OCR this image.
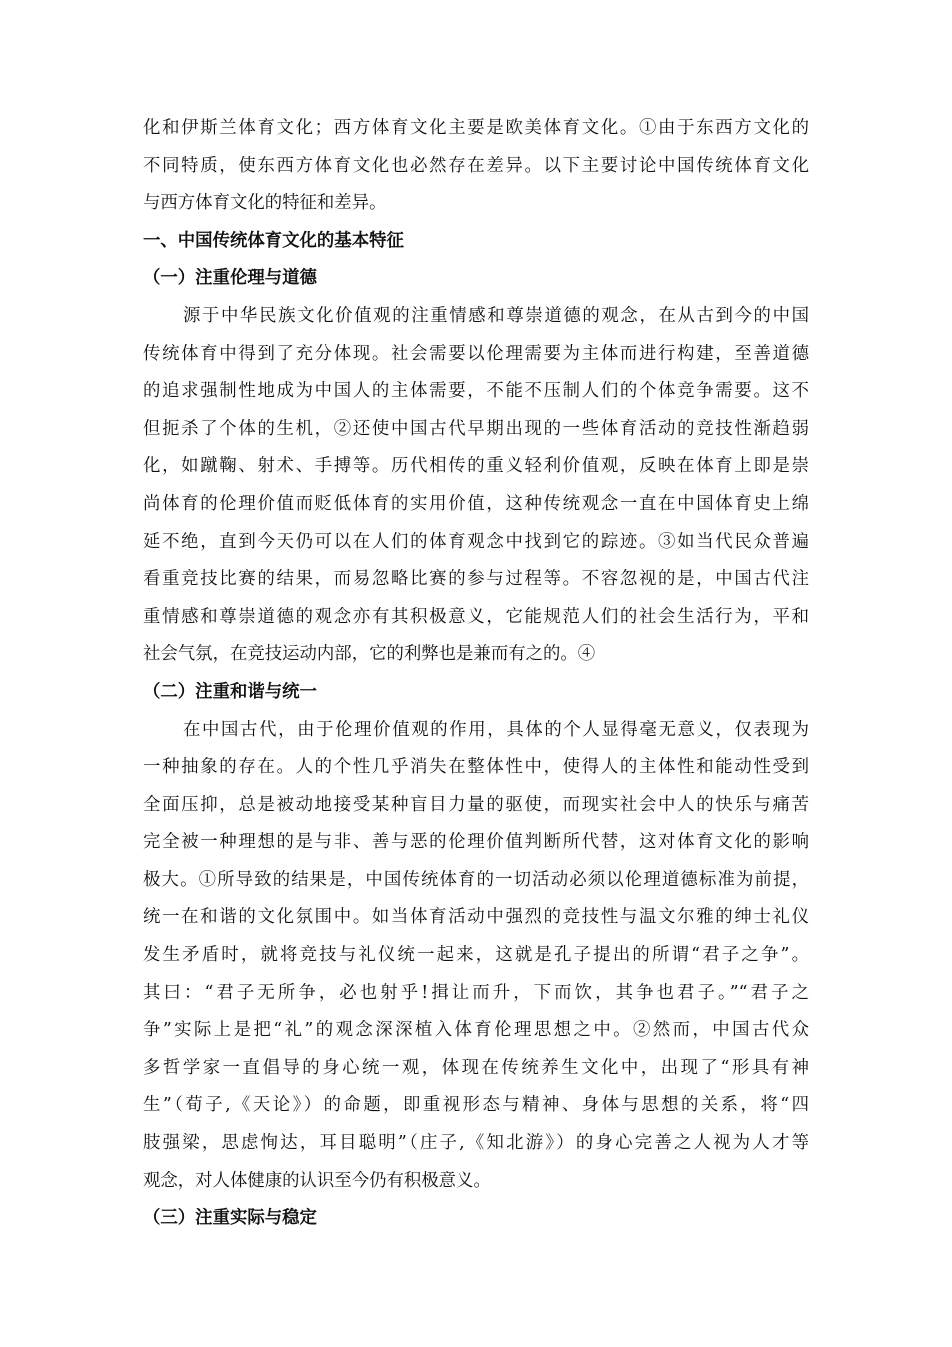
化和伊斯兰体育文化；西方体育文化主要是欧美体育文化。①由于东西方文化的
不同特质，使东西方体育文化也必然存在差异。以下主要讨论中国传统体育文化
与西方体育文化的特征和差异。
一、中国传统体育文化的基本特征
（一）注重伦理与道德
源于中华民族文化价值观的注重情感和尊崇道德的观念，在从古到今的中国
传统体育中得到了充分体现。社会需要以伦理需要为主体而进行构建，至善道德
的追求强制性地成为中国人的主体需要，不能不压制人们的个体竞争需要。这不
但扼杀了个体的生机，②还使中国古代早期出现的一些体育活动的竞技性渐趋弱
化，如蹴鞠、射术、手搏等。历代相传的重义轻利价值观，反映在体育上即是崇
尚体育的伦理价值而贬低体育的实用价值，这种传统观念一直在中国体育史上绵
延不绝，直到今天仍可以在人们的体育观念中找到它的踪迹。③如当代民众普遍
看重竞技比赛的结果，而易忽略比赛的参与过程等。不容忽视的是，中国古代注
重情感和尊崇道德的观念亦有其积极意义，它能规范人们的社会生活行为，平和
社会气氛，在竞技运动内部，它的利弊也是兼而有之的。④
（二）注重和谐与统一
在中国古代，由于伦理价值观的作用，具体的个人显得毫无意义，仅表现为
一种抽象的存在。人的个性几乎消失在整体性中，使得人的主体性和能动性受到
全面压抑，总是被动地接受某种盲目力量的驱使，而现实社会中人的快乐与痛苦
完全被一种理想的是与非、善与恶的伦理价值判断所代替，这对体育文化的影响
极大。①所导致的结果是，中国传统体育的一切活动必须以伦理道德标准为前提，
统一在和谐的文化氛围中。如当体育活动中强烈的竞技性与温文尔雅的绅士礼仪
发生矛盾时，就将竞技与礼仪统一起来，这就是孔子提出的所谓“君子之争”。
其曰：“君子无所争，必也射乎!揖让而升，下而饮，其争也君子。”“君子之
争”实际上是把“礼”的观念深深植入体育伦理思想之中。②然而，中国古代众
多哲学家一直倡导的身心统一观，体现在传统养生文化中，出现了“形具有神
生”（荀子,《天论》）的命题，即重视形态与精神、身体与思想的关系，将“四
肢强梁，思虑恂达，耳目聪明”（庄子,《知北游》）的身心完善之人视为人才等
观念，对人体健康的认识至今仍有积极意义。
（三）注重实际与稳定
